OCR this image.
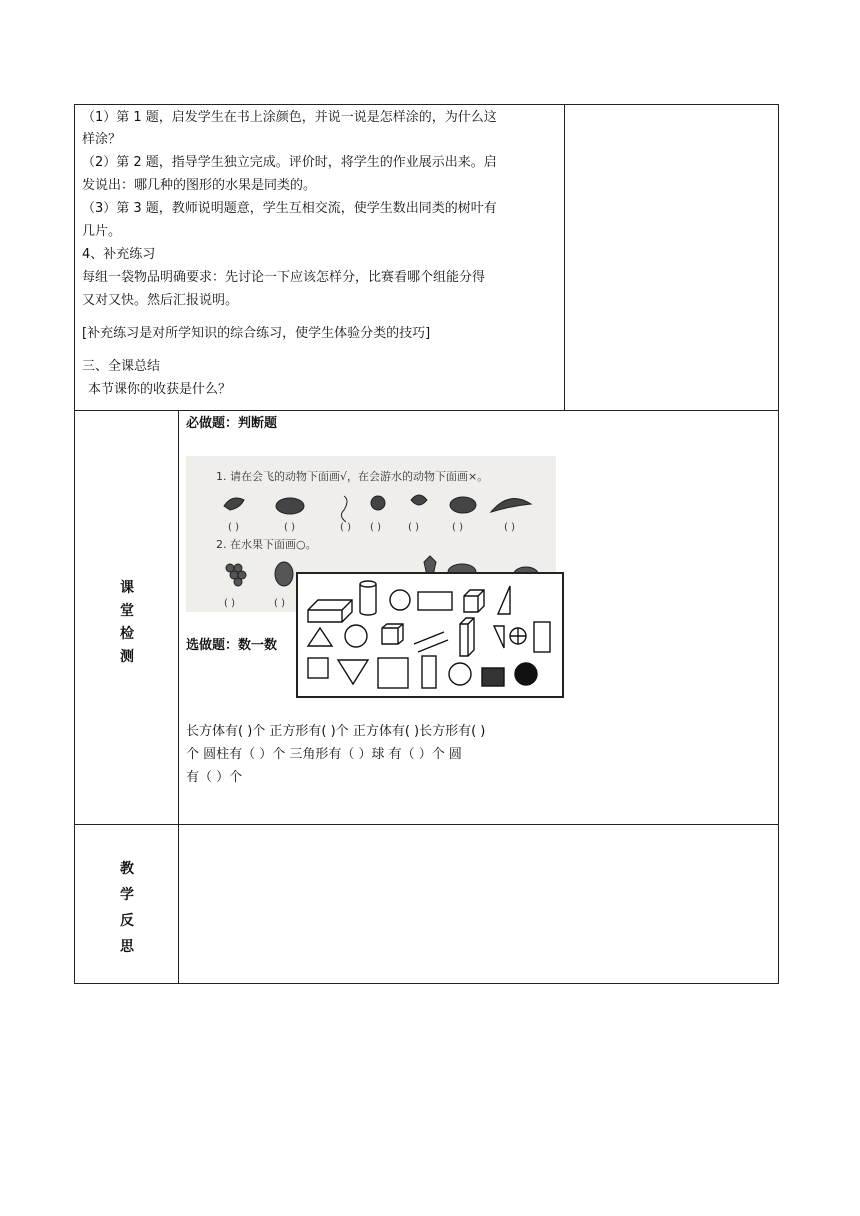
（1）第 1 题，启发学生在书上涂颜色，并说一说是怎样涂的，为什么这
样涂？
（2）第 2 题，指导学生独立完成。评价时，将学生的作业展示出来。启
发说出：哪几种的图形的水果是同类的。
（3）第 3 题，教师说明题意，学生互相交流，使学生数出同类的树叶有
几片。
4、补充练习
每组一袋物品明确要求：先讨论一下应该怎样分，比赛看哪个组能分得
又对又快。然后汇报说明。
[补充练习是对所学知识的综合练习，使学生体验分类的技巧]
三、全课总结
本节课你的收获是什么？
课
堂
检
测
必做题：判断题
1. 请在会飞的动物下面画√，在会游水的动物下面画×。
( )	( )	( ) ( )	( )	( )	( )
2. 在水果下面画○。
( )	( )
选做题：数一数
长方体有( )个 正方形有( )个 正方体有( )长方形有( )
个 圆柱有（ ）个 三角形有（ ）球 有（ ）个 圆
有（ ）个
教
学
反
思
